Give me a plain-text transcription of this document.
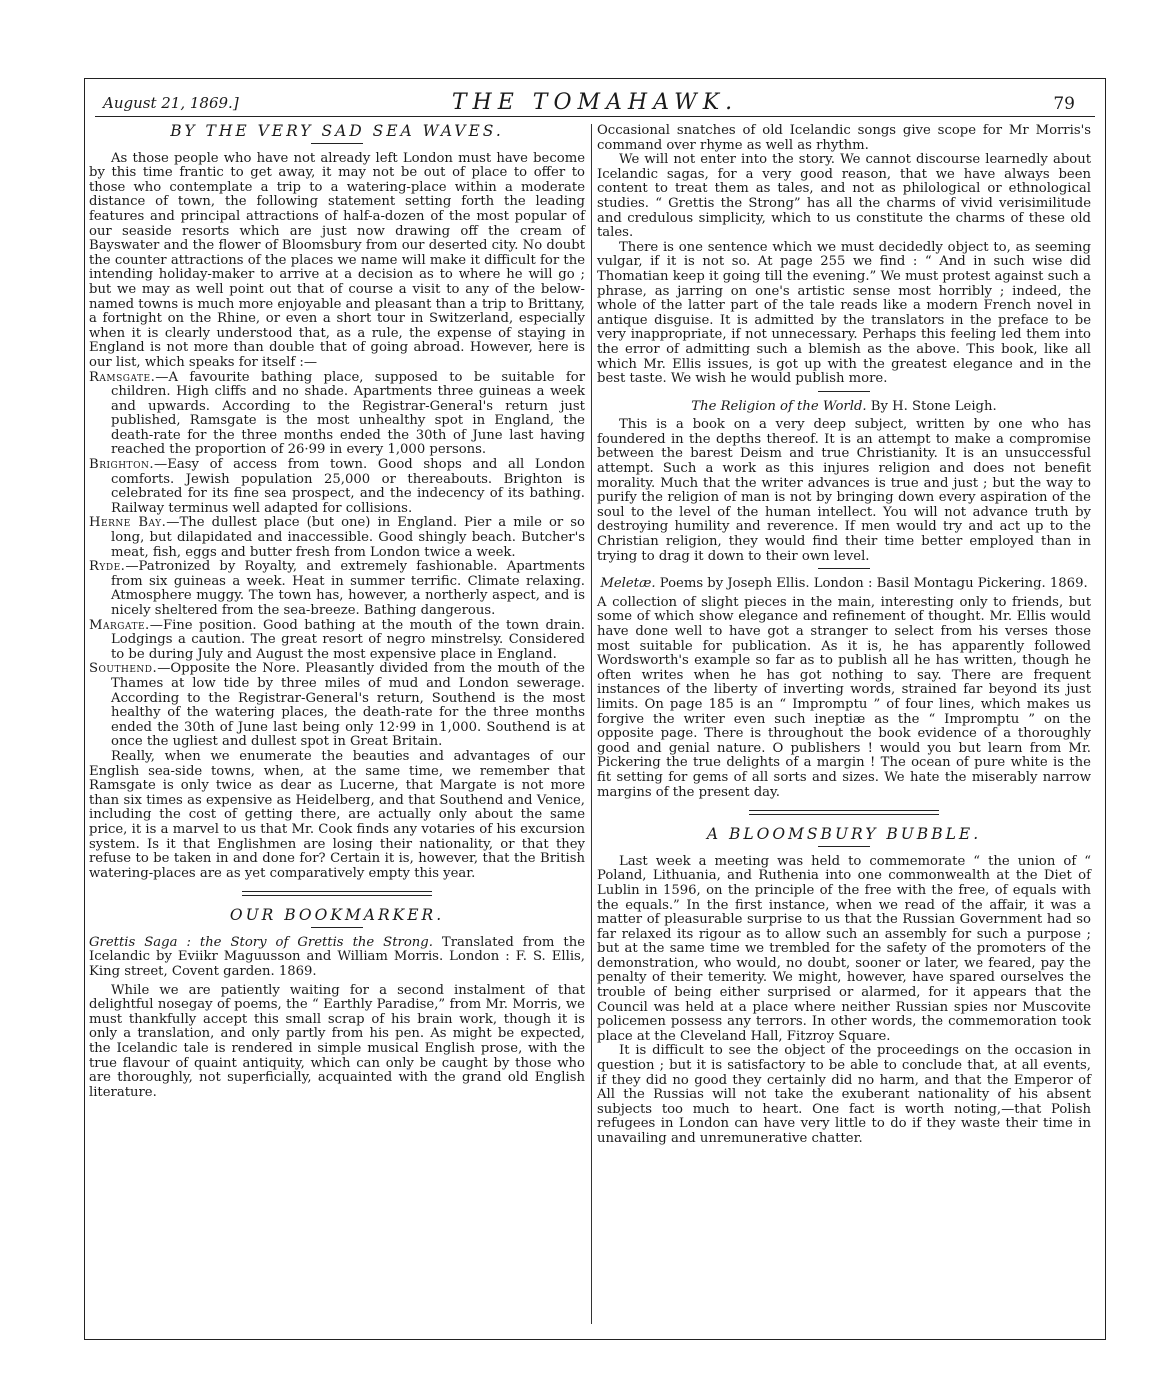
August 21, 1869.]	THE TOMAHAWK.	79
BY THE VERY SAD SEA WAVES.

As those people who have not already left London must have become by this time frantic to get away, it may not be out of place to offer to those who contemplate a trip to a watering-place within a moderate distance of town, the following statement setting forth the leading features and principal attractions of half-a-dozen of the most popular of our seaside resorts which are just now drawing off the cream of Bayswater and the flower of Bloomsbury from our deserted city. No doubt the counter attractions of the places we name will make it difficult for the intending holiday-maker to arrive at a decision as to where he will go ; but we may as well point out that of course a visit to any of the below-named towns is much more enjoyable and pleasant than a trip to Brittany, a fortnight on the Rhine, or even a short tour in Switzerland, especially when it is clearly understood that, as a rule, the expense of staying in England is not more than double that of going abroad. However, here is our list, which speaks for itself :—

Ramsgate.—A favourite bathing place, supposed to be suitable for children. High cliffs and no shade. Apartments three guineas a week and upwards. According to the Registrar-General's return just published, Ramsgate is the most unhealthy spot in England, the death-rate for the three months ended the 30th of June last having reached the proportion of 26·99 in every 1,000 persons.

Brighton.—Easy of access from town. Good shops and all London comforts. Jewish population 25,000 or thereabouts. Brighton is celebrated for its fine sea prospect, and the indecency of its bathing. Railway terminus well adapted for collisions.

Herne Bay.—The dullest place (but one) in England. Pier a mile or so long, but dilapidated and inaccessible. Good shingly beach. Butcher's meat, fish, eggs and butter fresh from London twice a week.

Ryde.—Patronized by Royalty, and extremely fashionable. Apartments from six guineas a week. Heat in summer terrific. Climate relaxing. Atmosphere muggy. The town has, however, a northerly aspect, and is nicely sheltered from the sea-breeze. Bathing dangerous.

Margate.—Fine position. Good bathing at the mouth of the town drain. Lodgings a caution. The great resort of negro minstrelsy. Considered to be during July and August the most expensive place in England.

Southend.—Opposite the Nore. Pleasantly divided from the mouth of the Thames at low tide by three miles of mud and London sewerage. According to the Registrar-General's return, Southend is the most healthy of the watering places, the death-rate for the three months ended the 30th of June last being only 12·99 in 1,000. Southend is at once the ugliest and dullest spot in Great Britain.

Really, when we enumerate the beauties and advantages of our English sea-side towns, when, at the same time, we remember that Ramsgate is only twice as dear as Lucerne, that Margate is not more than six times as expensive as Heidelberg, and that Southend and Venice, including the cost of getting there, are actually only about the same price, it is a marvel to us that Mr. Cook finds any votaries of his excursion system. Is it that Englishmen are losing their nationality, or that they refuse to be taken in and done for? Certain it is, however, that the British watering-places are as yet comparatively empty this year.

OUR BOOKMARKER.

Grettis Saga : the Story of Grettis the Strong. Translated from the Icelandic by Eviikr Maguusson and William Morris. London : F. S. Ellis, King street, Covent garden. 1869.

While we are patiently waiting for a second instalment of that delightful nosegay of poems, the “ Earthly Paradise,” from Mr. Morris, we must thankfully accept this small scrap of his brain work, though it is only a translation, and only partly from his pen. As might be expected, the Icelandic tale is rendered in simple musical English prose, with the true flavour of quaint antiquity, which can only be caught by those who are thoroughly, not superficially, acquainted with the grand old English literature.

Occasional snatches of old Icelandic songs give scope for Mr Morris's command over rhyme as well as rhythm.

We will not enter into the story. We cannot discourse learnedly about Icelandic sagas, for a very good reason, that we have always been content to treat them as tales, and not as philological or ethnological studies. “ Grettis the Strong” has all the charms of vivid verisimilitude and credulous simplicity, which to us constitute the charms of these old tales.

There is one sentence which we must decidedly object to, as seeming vulgar, if it is not so. At page 255 we find : “ And in such wise did Thomatian keep it going till the evening.” We must protest against such a phrase, as jarring on one's artistic sense most horribly ; indeed, the whole of the latter part of the tale reads like a modern French novel in antique disguise. It is admitted by the translators in the preface to be very inappropriate, if not unnecessary. Perhaps this feeling led them into the error of admitting such a blemish as the above. This book, like all which Mr. Ellis issues, is got up with the greatest elegance and in the best taste. We wish he would publish more.

The Religion of the World. By H. Stone Leigh.

This is a book on a very deep subject, written by one who has foundered in the depths thereof. It is an attempt to make a compromise between the barest Deism and true Christianity. It is an unsuccessful attempt. Such a work as this injures religion and does not benefit morality. Much that the writer advances is true and just ; but the way to purify the religion of man is not by bringing down every aspiration of the soul to the level of the human intellect. You will not advance truth by destroying humility and reverence. If men would try and act up to the Christian religion, they would find their time better employed than in trying to drag it down to their own level.

Meletæ. Poems by Joseph Ellis. London : Basil Montagu Pickering. 1869.

A collection of slight pieces in the main, interesting only to friends, but some of which show elegance and refinement of thought. Mr. Ellis would have done well to have got a stranger to select from his verses those most suitable for publication. As it is, he has apparently followed Wordsworth's example so far as to publish all he has written, though he often writes when he has got nothing to say. There are frequent instances of the liberty of inverting words, strained far beyond its just limits. On page 185 is an “ Impromptu ” of four lines, which makes us forgive the writer even such ineptiæ as the “ Impromptu ” on the opposite page. There is throughout the book evidence of a thoroughly good and genial nature. O publishers ! would you but learn from Mr. Pickering the true delights of a margin ! The ocean of pure white is the fit setting for gems of all sorts and sizes. We hate the miserably narrow margins of the present day.

A BLOOMSBURY BUBBLE.

Last week a meeting was held to commemorate “ the union of “ Poland, Lithuania, and Ruthenia into one commonwealth at the Diet of Lublin in 1596, on the principle of the free with the free, of equals with the equals.” In the first instance, when we read of the affair, it was a matter of pleasurable surprise to us that the Russian Government had so far relaxed its rigour as to allow such an assembly for such a purpose ; but at the same time we trembled for the safety of the promoters of the demonstration, who would, no doubt, sooner or later, we feared, pay the penalty of their temerity. We might, however, have spared ourselves the trouble of being either surprised or alarmed, for it appears that the Council was held at a place where neither Russian spies nor Muscovite policemen possess any terrors. In other words, the commemoration took place at the Cleveland Hall, Fitzroy Square.

It is difficult to see the object of the proceedings on the occasion in question ; but it is satisfactory to be able to conclude that, at all events, if they did no good they certainly did no harm, and that the Emperor of All the Russias will not take the exuberant nationality of his absent subjects too much to heart. One fact is worth noting,—that Polish refugees in London can have very little to do if they waste their time in unavailing and unremunerative chatter.
